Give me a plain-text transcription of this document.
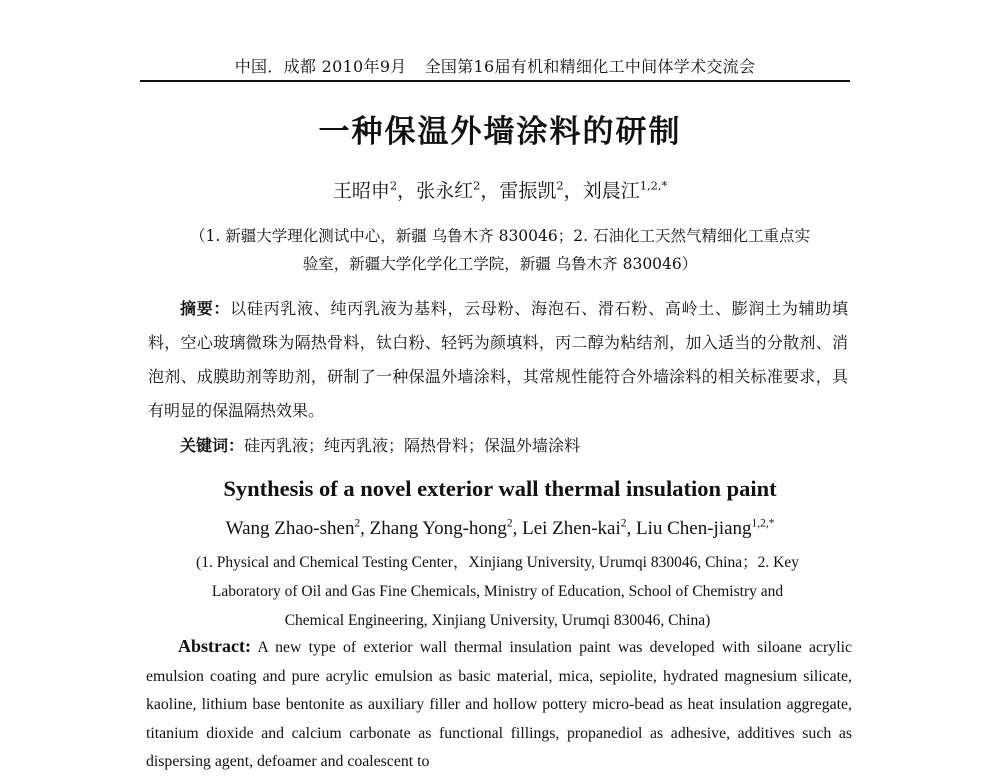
中国．成都 2010年9月 全国第16届有机和精细化工中间体学术交流会
一种保温外墙涂料的研制
王昭申$^2$，张永红$^2$，雷振凯$^2$，刘晨江$^{1,2,*}$
（1. 新疆大学理化测试中心，新疆 乌鲁木齐 830046；2. 石油化工天然气精细化工重点实
验室，新疆大学化学化工学院，新疆 乌鲁木齐 830046）
摘要：以硅丙乳液、纯丙乳液为基料，云母粉、海泡石、滑石粉、高岭土、膨润土为辅助填料，空心玻璃微珠为隔热骨料，钛白粉、轻钙为颜填料，丙二醇为粘结剂，加入适当的分散剂、消泡剂、成膜助剂等助剂，研制了一种保温外墙涂料，其常规性能符合外墙涂料的相关标准要求，具有明显的保温隔热效果。
关键词：硅丙乳液；纯丙乳液；隔热骨料；保温外墙涂料
Synthesis of a novel exterior wall thermal insulation paint
Wang Zhao-shen$^2$, Zhang Yong-hong$^2$, Lei Zhen-kai$^2$, Liu Chen-jiang$^{1,2,*}$
(1. Physical and Chemical Testing Center，Xinjiang University, Urumqi 830046, China；2. Key
Laboratory of Oil and Gas Fine Chemicals, Ministry of Education, School of Chemistry and
Chemical Engineering, Xinjiang University, Urumqi 830046, China)
Abstract: A new type of exterior wall thermal insulation paint was developed with siloane acrylic emulsion coating and pure acrylic emulsion as basic material, mica, sepiolite, hydrated magnesium silicate, kaoline, lithium base bentonite as auxiliary filler and hollow pottery micro-bead as heat insulation aggregate, titanium dioxide and calcium carbonate as functional fillings, propanediol as adhesive, additives such as dispersing agent, defoamer and coalescent to
